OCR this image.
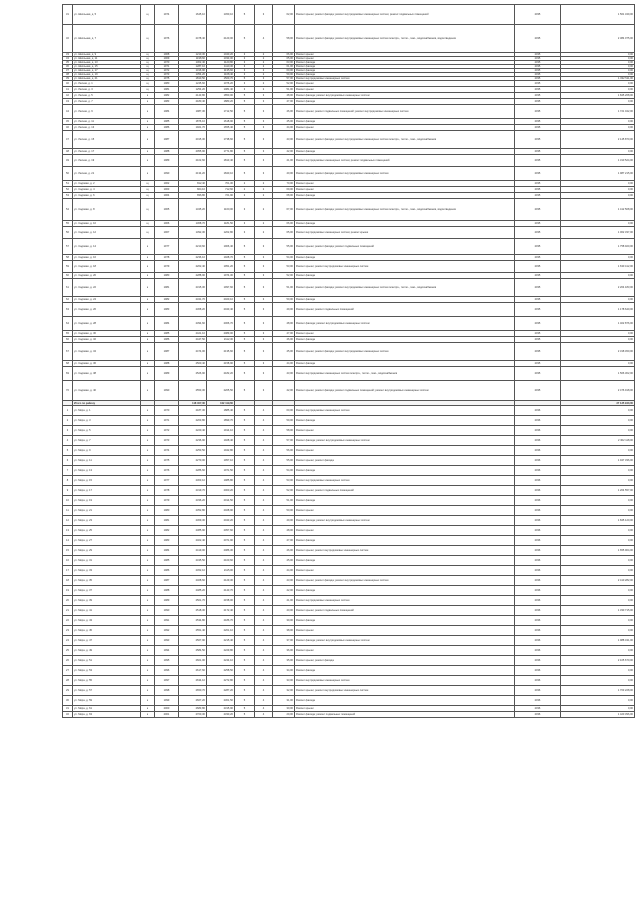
31	ул. Школьная, д. 5	щ	1974	1645,10	1450,10	5	3	62,00	Ремонт крыши; ремонт фасада; ремонт внутридомовых инженерных систем; ремонт подвальных помещений	2035	1 561 349,00
32	ул. Школьная, д. 7	щ	1976	2478,40	2120,00	5	4	58,00	Ремонт крыши; ремонт фасада; ремонт внутридомовых инженерных систем электро-, тепло-, газо-, водоснабжения, водоотведения	2035	2 384 075,00
33	ул. Школьная, д. 9	щ	1968	1210,30	1040,20	3	2	66,00	Ремонт крыши	2035	0,00
34	ул. Школьная, д. 11	щ	1969	1198,60	1033,00	3	2	65,00	Ремонт крыши	2035	0,00
35	ул. Школьная, д. 13	щ	1970	1302,40	1120,80	3	2	63,00	Ремонт фасада	2035	0,00
36	ул. Школьная, д. 15	щ	1971	1287,10	1110,30	3	2	61,00	Ремонт фасада	2035	0,00
37	ул. Школьная, д. 17	щ	1972	1316,90	1135,60	3	2	60,00	Ремонт фасада	2035	0,00
38	ул. Школьная, д. 19	щ	1973	1354,20	1168,40	3	2	59,00	Ремонт фасада	2035	0,00
39	ул. Школьная, д. 21	щ	1975	1810,50	1560,70	5	3	57,00	Ремонт внутридомовых инженерных систем	2035	1 032 511,00
40	ул. Лесная, д. 1	щ	1980	1245,60	1076,20	3	2	52,00	Ремонт крыши	2035	0,00
41	ул. Лесная, д. 3	щ	1981	1254,20	1081,40	3	2	51,00	Ремонт крыши	2035	0,00
42	ул. Лесная, д. 5	к	1982	2143,80	1850,00	5	3	48,00	Ремонт фасада; ремонт внутридомовых инженерных систем	2035	1 845 268,00
43	ул. Лесная, д. 7	к	1983	2180,40	1880,20	5	3	47,00	Ремонт фасада	2035	0,00
44	ул. Лесная, д. 9	к	1984	1987,30	1712,50	5	3	46,00	Ремонт крыши; ремонт подвальных помещений; ремонт внутридомовых инженерных систем	2035	1 721 042,00
45	ул. Лесная, д. 11	к	1985	1876,10	1618,90	5	3	45,00	Ремонт фасада	2035	0,00
46	ул. Лесная, д. 13	к	1986	1921,70	1655,40	5	3	44,00	Ремонт крыши	2035	0,00
47	ул. Лесная, д. 15	к	1987	2015,30	1738,60	5	3	43,00	Ремонт крыши; ремонт фасада; ремонт внутридомовых инженерных систем электро-, тепло-, газо-, водоснабжения	2035	2 145 870,00
48	ул. Лесная, д. 17	к	1988	2055,90	1771,80	5	3	42,00	Ремонт фасада	2035	0,00
49	ул. Лесная, д. 19	к	1989	2102,60	1813,40	5	3	41,00	Ремонт внутридомовых инженерных систем; ремонт подвальных помещений	2035	1 310 524,00
50	ул. Лесная, д. 21	к	1990	2134,20	1840,10	5	3	40,00	Ремонт крыши; ремонт фасада; ремонт внутридомовых инженерных систем	2035	1 987 215,00
51	ул. Садовая, д. 2	щ	1962	812,40	701,30	2	2	70,00	Ремонт крыши	2035	0,00
52	ул. Садовая, д. 4	щ	1963	824,10	712,60	2	2	69,00	Ремонт крыши	2035	0,00
53	ул. Садовая, д. 6	щ	1964	836,80	721,90	2	2	68,00	Ремонт фасада	2035	0,00
54	ул. Садовая, д. 8	щ	1965	1345,20	1160,00	3	2	67,00	Ремонт крыши; ремонт фасада; ремонт внутридомовых инженерных систем электро-, тепло-, газо-, водоснабжения, водоотведения	2035	1 412 508,00
55	ул. Садовая, д. 10	щ	1966	1368,70	1181,50	3	2	66,00	Ремонт фасада	2035	0,00
56	ул. Садовая, д. 12	щ	1967	1392,30	1202,80	3	2	65,00	Ремонт внутридомовых инженерных систем; ремонт крыши	2035	1 062 337,00
57	ул. Садовая, д. 14	к	1977	2210,60	1906,40	5	3	55,00	Ремонт крыши; ремонт фасада; ремонт подвальных помещений	2035	1 758 920,00
58	ул. Садовая, д. 16	к	1978	2236,10	1928,70	5	3	54,00	Ремонт фасада	2035	0,00
59	ул. Садовая, д. 18	к	1979	2262,40	1951,20	5	3	53,00	Ремонт крыши; ремонт внутридомовых инженерных систем	2035	1 630 412,00
60	ул. Садовая, д. 20	к	1980	2288,90	1974,30	5	3	52,00	Ремонт фасада	2035	0,00
61	ул. Садовая, д. 22	к	1981	2315,30	1997,60	5	3	51,00	Ремонт крыши; ремонт фасада; ремонт внутридомовых инженерных систем электро-, тепло-, газо-, водоснабжения	2035	2 204 183,00
62	ул. Садовая, д. 24	к	1982	2341,70	2020,10	5	3	50,00	Ремонт фасада	2035	0,00
63	ул. Садовая, д. 26	к	1983	2368,20	2043,40	5	3	49,00	Ремонт крыши; ремонт подвальных помещений	2035	1 178 640,00
64	ул. Садовая, д. 28	к	1984	2394,60	2066,70	5	3	48,00	Ремонт фасада; ремонт внутридомовых инженерных систем	2035	1 402 876,00
65	ул. Садовая, д. 30	к	1985	2421,10	2089,00	5	3	47,00	Ремонт крыши	2035	0,00
66	ул. Садовая, д. 32	к	1986	2447,50	2112,30	5	3	46,00	Ремонт фасада	2035	0,00
67	ул. Садовая, д. 34	к	1987	2474,00	2135,60	5	3	45,00	Ремонт крыши; ремонт фасада; ремонт внутридомовых инженерных систем	2035	2 318 450,00
68	ул. Садовая, д. 36	к	1988	2500,40	2158,90	5	3	44,00	Ремонт фасада	2035	0,00
69	ул. Садовая, д. 38	к	1989	2526,90	2182,20	5	3	43,00	Ремонт внутридомовых инженерных систем электро-, тепло-, газо-, водоснабжения	2035	1 566 302,00
70	ул. Садовая, д. 40	к	1990	2553,30	2205,50	5	3	42,00	Ремонт крыши; ремонт фасада; ремонт подвальных помещений; ремонт внутридомовых инженерных систем	2035	2 476 918,00
	Итого по району			118 407,30	102 119,60						37 135 940,00
1	ул. Мира, д. 1	к	1970	2187,30	1885,40	5	4	60,00	Ремонт внутридомовых инженерных систем	2036	0,00
2	ул. Мира, д. 3	к	1971	2203,80	1899,70	5	4	59,00	Ремонт фасада	2036	0,00
3	ул. Мира, д. 5	к	1972	2220,40	1914,10	5	4	58,00	Ремонт крыши	2036	0,00
4	ул. Мира, д. 7	к	1973	2236,90	1928,40	5	4	57,00	Ремонт фасада; ремонт внутридомовых инженерных систем	2036	2 302 118,00
5	ул. Мира, д. 9	к	1974	2253,50	1942,80	5	4	56,00	Ремонт крыши	2036	0,00
6	ул. Мира, д. 11	к	1975	2270,00	1957,10	5	4	55,00	Ремонт крыши; ремонт фасада	2036	1 947 336,00
7	ул. Мира, д. 13	к	1976	2286,60	1971,50	5	4	54,00	Ремонт фасада	2036	0,00
8	ул. Мира, д. 15	к	1977	2303,10	1985,80	5	4	53,00	Ремонт внутридомовых инженерных систем	2036	0,00
9	ул. Мира, д. 17	к	1978	2319,70	2000,20	5	4	52,00	Ремонт крыши; ремонт подвальных помещений	2036	1 204 557,00
10	ул. Мира, д. 19	к	1979	2336,20	2014,50	5	4	51,00	Ремонт фасада	2036	0,00
11	ул. Мира, д. 21	к	1980	2352,80	2028,90	5	4	50,00	Ремонт крыши	2036	0,00
12	ул. Мира, д. 23	к	1981	2369,30	2043,20	5	4	49,00	Ремонт фасада; ремонт внутридомовых инженерных систем	2036	1 845 120,00
13	ул. Мира, д. 25	к	1982	2385,90	2057,60	5	4	48,00	Ремонт крыши	2036	0,00
14	ул. Мира, д. 27	к	1983	2402,40	2071,90	5	4	47,00	Ремонт фасада	2036	0,00
15	ул. Мира, д. 29	к	1984	2419,00	2086,30	5	4	46,00	Ремонт крыши; ремонт внутридомовых инженерных систем	2036	1 655 904,00
16	ул. Мира, д. 31	к	1985	2435,50	2100,60	5	4	45,00	Ремонт фасада	2036	0,00
17	ул. Мира, д. 33	к	1986	2452,10	2115,00	5	4	44,00	Ремонт крыши	2036	0,00
18	ул. Мира, д. 35	к	1987	2468,60	2129,30	5	4	43,00	Ремонт крыши; ремонт фасада; ремонт внутридомовых инженерных систем	2036	2 410 282,00
19	ул. Мира, д. 37	к	1988	2485,20	2143,70	5	4	42,00	Ремонт фасада	2036	0,00
20	ул. Мира, д. 39	к	1989	2501,70	2158,00	5	4	41,00	Ремонт внутридомовых инженерных систем	2036	0,00
21	ул. Мира, д. 41	к	1990	2518,30	2172,40	5	4	40,00	Ремонт крыши; ремонт подвальных помещений	2036	1 330 715,00
22	ул. Мира, д. 43	к	1991	2534,80	2186,70	5	4	39,00	Ремонт фасада	2036	0,00
23	ул. Мира, д. 45	к	1992	2551,40	2201,10	5	4	38,00	Ремонт крыши	2036	0,00
24	ул. Мира, д. 47	к	1993	2567,90	2215,40	5	4	37,00	Ремонт фасада; ремонт внутридомовых инженерных систем	2036	1 988 431,00
25	ул. Мира, д. 49	к	1994	2584,50	2229,80	5	4	36,00	Ремонт крыши	2036	0,00
26	ул. Мира, д. 51	к	1995	2601,00	2244,10	5	4	35,00	Ремонт крыши; ремонт фасада	2036	2 105 670,00
27	ул. Мира, д. 53	к	1996	2617,60	2258,50	5	4	34,00	Ремонт фасада	2036	0,00
28	ул. Мира, д. 55	к	1997	2634,10	2272,80	5	4	33,00	Ремонт внутридомовых инженерных систем	2036	0,00
29	ул. Мира, д. 57	к	1998	2650,70	2287,20	5	4	32,00	Ремонт крыши; ремонт внутридомовых инженерных систем	2036	1 703 228,00
30	ул. Мира, д. 59	к	1999	2667,20	2301,50	5	4	31,00	Ремонт фасада	2036	0,00
31	ул. Мира, д. 61	к	2000	2683,80	2315,90	5	4	30,00	Ремонт крыши	2036	0,00
32	ул. Мира, д. 63	к	2001	2700,30	2330,20	5	4	29,00	Ремонт фасада; ремонт подвальных помещений	2036	1 420 396,00
